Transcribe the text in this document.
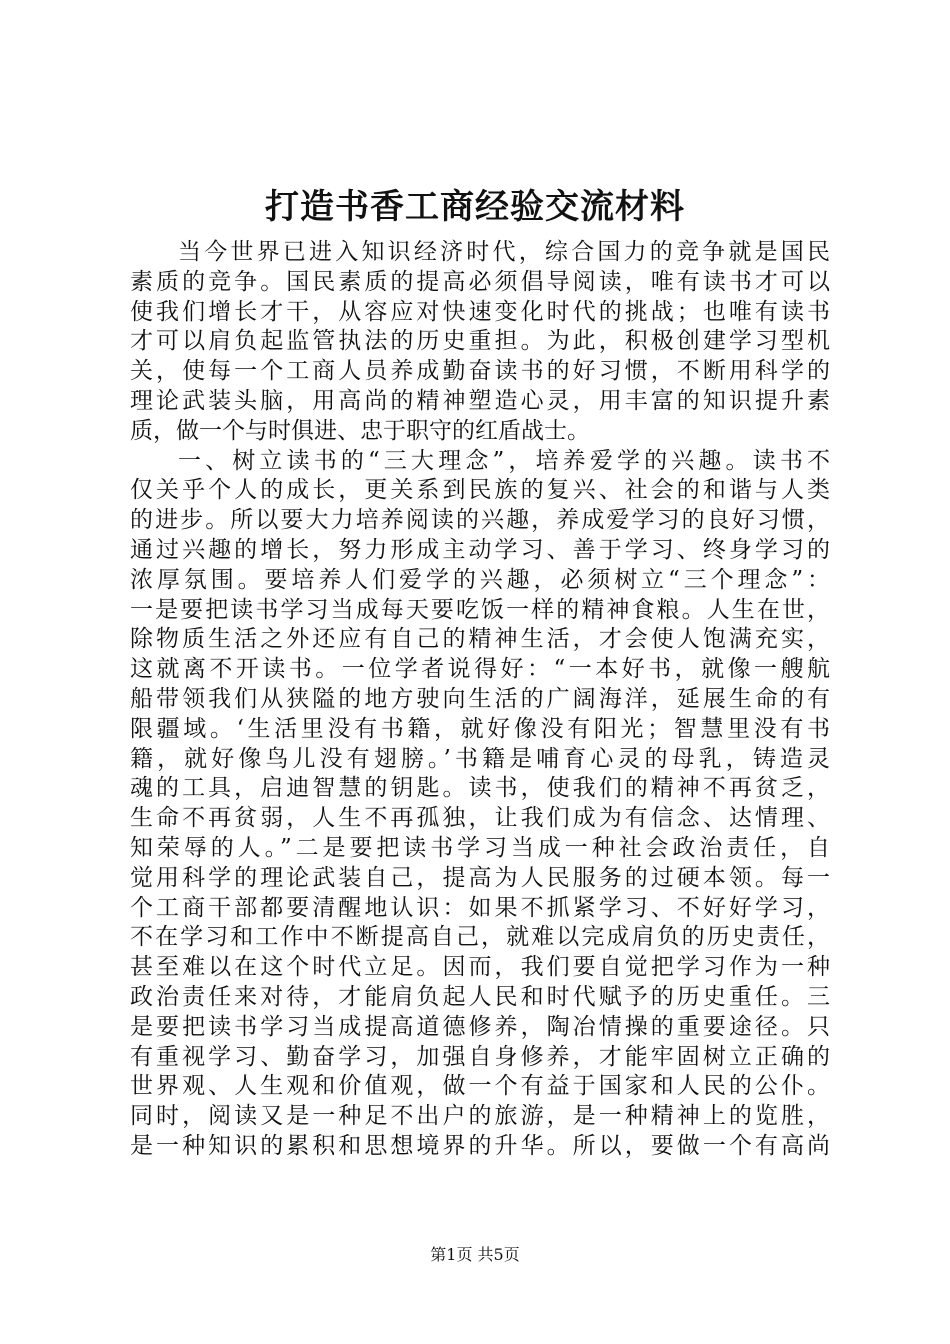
打造书香工商经验交流材料
当今世界已进入知识经济时代，综合国力的竞争就是国民
素质的竞争。国民素质的提高必须倡导阅读，唯有读书才可以
使我们增长才干，从容应对快速变化时代的挑战；也唯有读书
才可以肩负起监管执法的历史重担。为此，积极创建学习型机
关，使每一个工商人员养成勤奋读书的好习惯，不断用科学的
理论武装头脑，用高尚的精神塑造心灵，用丰富的知识提升素
质，做一个与时俱进、忠于职守的红盾战士。
一、树立读书的“三大理念”，培养爱学的兴趣。读书不
仅关乎个人的成长，更关系到民族的复兴、社会的和谐与人类
的进步。所以要大力培养阅读的兴趣，养成爱学习的良好习惯，
通过兴趣的增长，努力形成主动学习、善于学习、终身学习的
浓厚氛围。要培养人们爱学的兴趣，必须树立“三个理念”：
一是要把读书学习当成每天要吃饭一样的精神食粮。人生在世，
除物质生活之外还应有自己的精神生活，才会使人饱满充实，
这就离不开读书。一位学者说得好：“一本好书，就像一艘航
船带领我们从狭隘的地方驶向生活的广阔海洋，延展生命的有
限疆域。‘生活里没有书籍，就好像没有阳光；智慧里没有书
籍，就好像鸟儿没有翅膀。’书籍是哺育心灵的母乳，铸造灵
魂的工具，启迪智慧的钥匙。读书，使我们的精神不再贫乏，
生命不再贫弱，人生不再孤独，让我们成为有信念、达情理、
知荣辱的人。”二是要把读书学习当成一种社会政治责任，自
觉用科学的理论武装自己，提高为人民服务的过硬本领。每一
个工商干部都要清醒地认识：如果不抓紧学习、不好好学习，
不在学习和工作中不断提高自己，就难以完成肩负的历史责任，
甚至难以在这个时代立足。因而，我们要自觉把学习作为一种
政治责任来对待，才能肩负起人民和时代赋予的历史重任。三
是要把读书学习当成提高道德修养，陶冶情操的重要途径。只
有重视学习、勤奋学习，加强自身修养，才能牢固树立正确的
世界观、人生观和价值观，做一个有益于国家和人民的公仆。
同时，阅读又是一种足不出户的旅游，是一种精神上的览胜，
是一种知识的累积和思想境界的升华。所以，要做一个有高尚
第1页 共5页
